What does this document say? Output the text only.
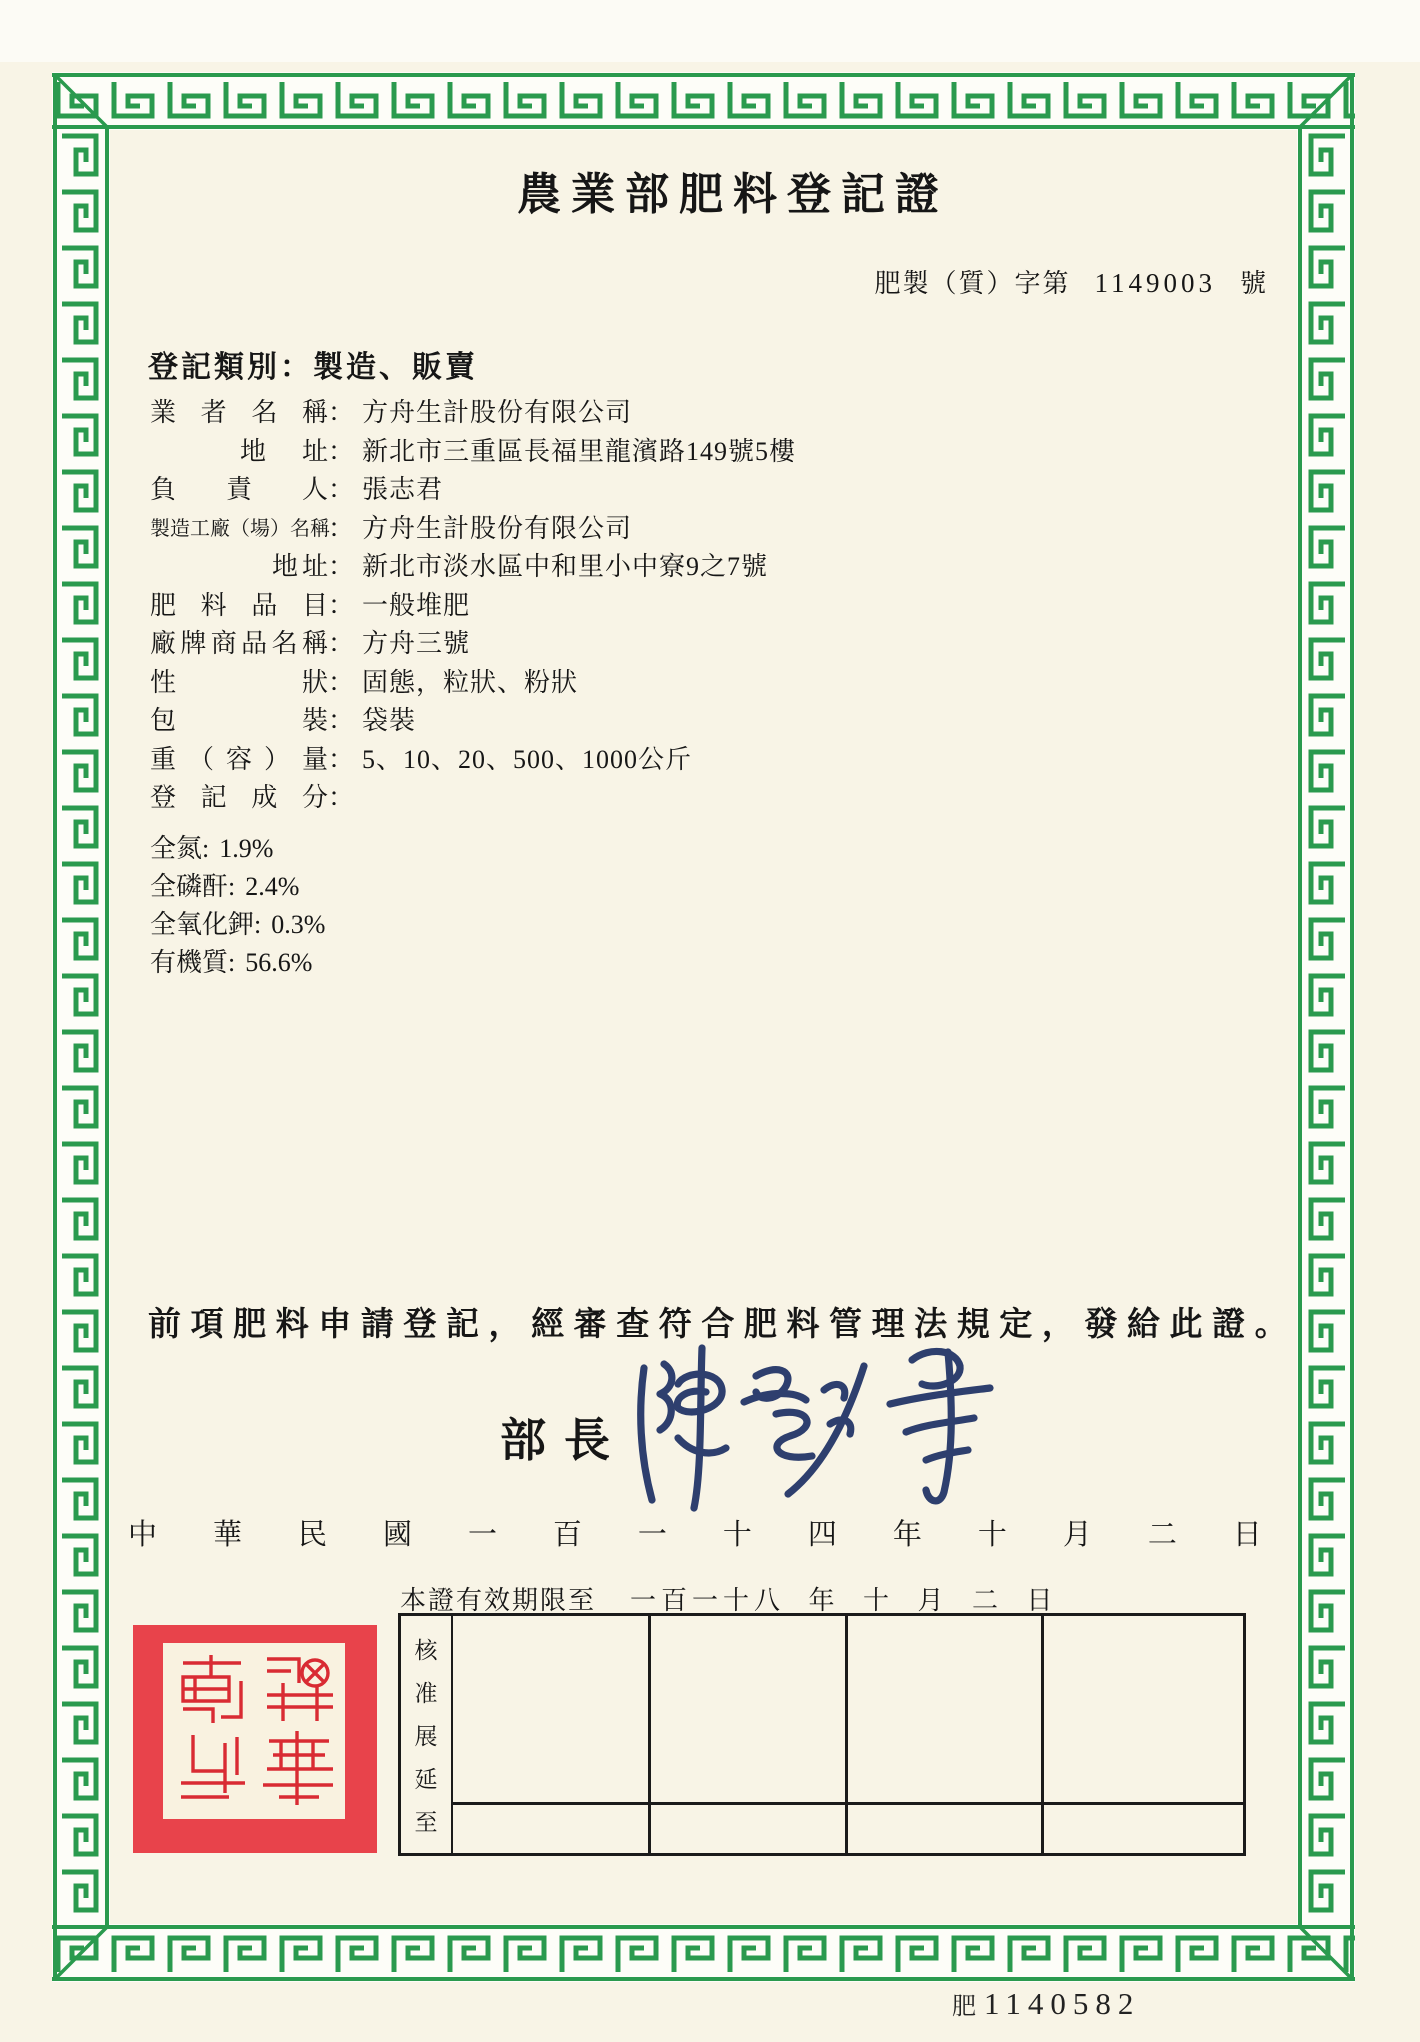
農業部肥料登記證
肥製（質）字第 1149003 號
登記類別：製造、販賣
業 者 名 稱 ： 方舟生計股份有限公司
地 址 ： 新北市三重區長福里龍濱路149號5樓
負 責 人 ： 張志君
製 造 工 廠 （ 場 ） 名 稱
： 方舟生計股份有限公司
地 址 ： 新北市淡水區中和里小中寮9之7號
肥 料 品 目 ： 一般堆肥
廠 牌 商 品 名 稱 ： 方舟三號
性	狀 ： 固態，粒狀、粉狀
包	裝 ： 袋裝
重 （ 容 ） 量 ： 5、10、20、500、1000公斤
登 記 成 分 ：
全氮: 1.9%
全磷酐: 2.4%
全氧化鉀: 0.3%
有機質: 56.6%
前 項 肥 料 申 請 登 記 ， 經 審 查 符 合 肥 料 管 理 法 規 定 ， 發 給 此 證 。
部 長
中 華 民 國 一 百 一 十 四 年 十 月 二 日
本證有效期限至 一百一十八 年 十 月 二 日
核
准
展
延
至
肥 1140582
